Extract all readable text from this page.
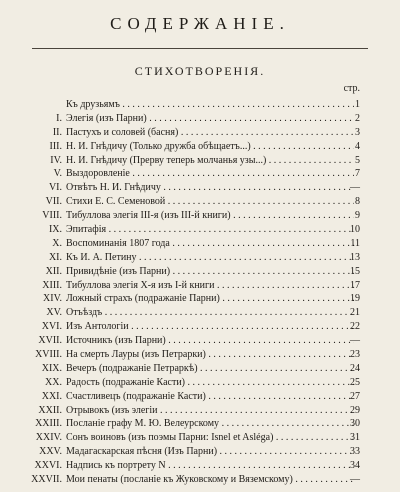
СОДЕРЖАНІЕ.
СТИХОТВОРЕНІЯ.
стр.
Къ друзьямъ . . .	1
I. Элегія (изъ Парни) . . .	2
II. Пастухъ и соловей (басня) . . .	3
III. Н. И. Гнѣдичу (Только дружба обѣщаетъ...) . . .	4
IV. Н. И. Гнѣдичу (Прерву теперь молчанья узы...) . . .	5
V. Выздоровленіе . . .	7
VI. Отвѣтъ Н. И. Гнѣдичу . . .	—
VII. Стихи Е. С. Семеновой . . .	8
VIII. Тибуллова элегія III-я (изъ III-й книги) . . .	9
IX. Эпитафія . . .	10
X. Воспоминанія 1807 года . . .	11
XI. Къ И. А. Петину . . .	13
XII. Привидѣніе (изъ Парни) . . .	15
XIII. Тибуллова элегія X-я изъ I-й книги . . .	17
XIV. Ложный страхъ (подражаніе Парни) . . .	19
XV. Отъѣздъ . . .	21
XVI. Изъ Антологіи . . .	22
XVII. Источникъ (изъ Парни) . . .	—
XVIII. На смерть Лауры (изъ Петрарки) . . .	23
XIX. Вечеръ (подражаніе Петраркѣ) . . .	24
XX. Радость (подражаніе Касти) . . .	25
XXI. Счастливецъ (подражаніе Касти) . . .	27
XXII. Отрывокъ (изъ элегіи . . .	29
XXIII. Посланіе графу М. Ю. Велеурскому . . .	30
XXIV. Сонъ воиновъ (изъ поэмы Парни: Isnel et Asléga) . . .	31
XXV. Мадагаскарская пѣсня (Изъ Парни) . . .	33
XXVI. Надпись къ портрету N . . .	34
XXVII. Мои пенаты (посланіе къ Жуковскому и Вяземскому) . . .	—
